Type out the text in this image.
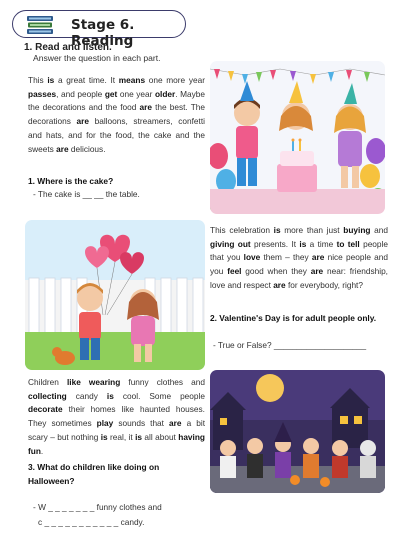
Stage 6. Reading
1. Read and listen.
Answer the question in each part.
This is a great time. It means one more year passes, and people get one year older. Maybe the decorations and the food are the best. The decorations are balloons, streamers, confetti and hats, and for the food, the cake and the sweets are delicious.
1. Where is the cake?
- The cake is __ __ the table.
This celebration is more than just buying and giving out presents. It is a time to tell people that you love them – they are nice people and you feel good when they are near: friendship, love and respect are for everybody, right?
2. Valentine's Day is for adult people only.
- True or False? ____________________
Children like wearing funny clothes and collecting candy is cool. Some people decorate their homes like haunted houses. They sometimes play sounds that are a bit scary – but nothing is real, it is all about having fun.
3. What do children like doing on Halloween?
- W _ _ _ _ _ _ _ funny clothes and
c _ _ _ _ _ _ _ _ _ _ _ candy.
